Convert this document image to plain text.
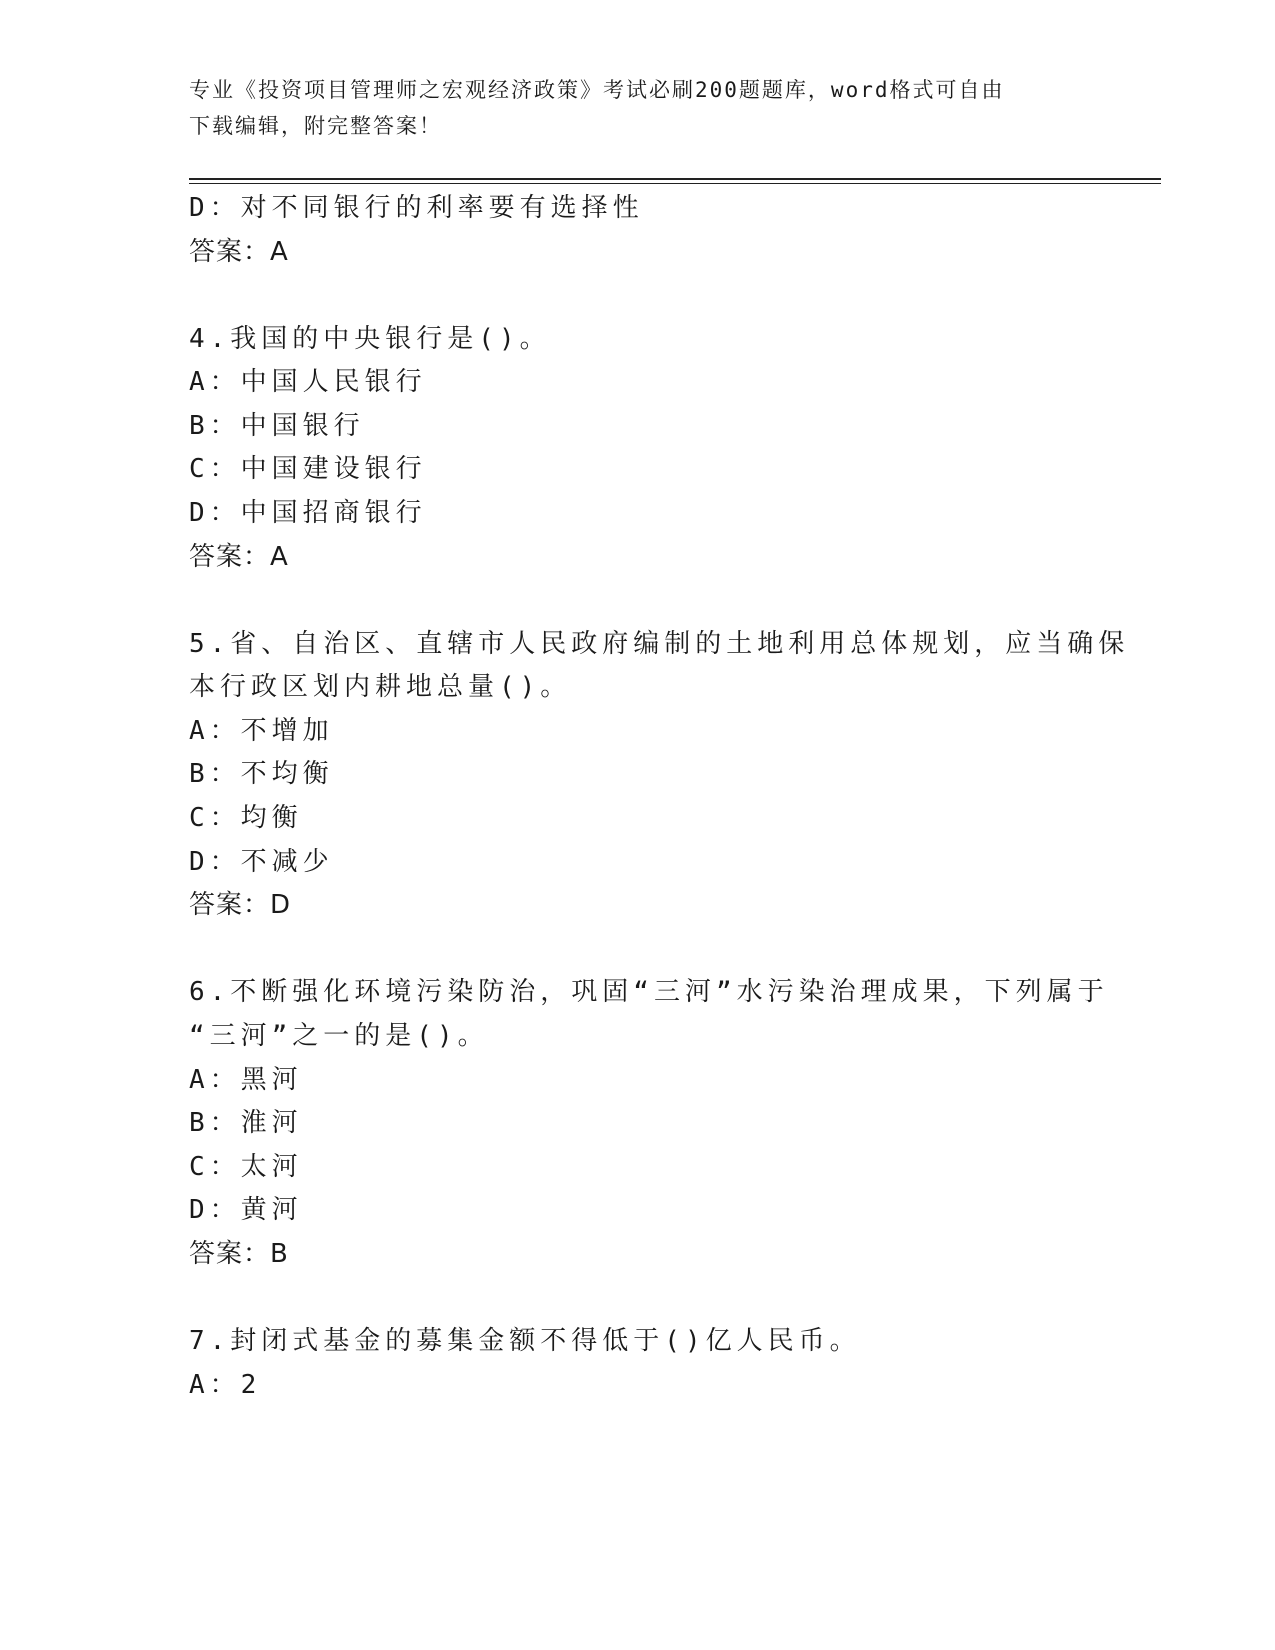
专业《投资项目管理师之宏观经济政策》考试必刷200题题库，word格式可自由
下载编辑，附完整答案！
D：对不同银行的利率要有选择性
答案：A
4.我国的中央银行是()。
A：中国人民银行
B：中国银行
C：中国建设银行
D：中国招商银行
答案：A
5.省、自治区、直辖市人民政府编制的土地利用总体规划，应当确保
本行政区划内耕地总量()。
A：不增加
B：不均衡
C：均衡
D：不减少
答案：D
6.不断强化环境污染防治，巩固“三河”水污染治理成果，下列属于
“三河”之一的是()。
A：黑河
B：淮河
C：太河
D：黄河
答案：B
7.封闭式基金的募集金额不得低于()亿人民币。
A：2
